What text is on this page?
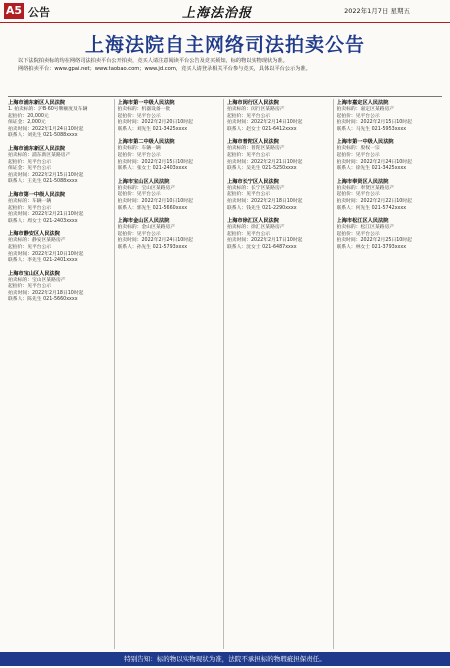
A5 公告	上海法治报	2022年1月7日 星期五
上海法院自主网络司法拍卖公告

以下法院拍卖标的均在网络司法拍卖平台公开拍卖，竞买人请注意阅读平台公告及竞买须知，标的物以实物现状为准。

网络拍卖平台：www.gpai.net；www.taobao.com；www.jd.com，竞买人请登录相关平台参与竞买，具体以平台公示为准。

上海市浦东新区人民法院
1. 拍卖标的：沪B·60号牌额度及车辆
起拍价：20,000元
保证金：2,000元
拍卖时间：2022年1月24日10时起
联系人：刘先生 021-5088xxxx
上海市浦东新区人民法院
拍卖标的：浦东新区某路房产
起拍价：见平台公示
保证金：见平台公示
拍卖时间：2022年2月15日10时起
联系人：王先生 021-5088xxxx
上海市第一中级人民法院
拍卖标的：车辆一辆
起拍价：见平台公示
拍卖时间：2022年2月21日10时起
联系人：周女士 021-2403xxxx
上海市静安区人民法院
拍卖标的：静安区某路房产
起拍价：见平台公示
拍卖时间：2022年2月10日10时起
联系人：李先生 021-2401xxxx
上海市宝山区人民法院
拍卖标的：宝山区某路房产
起拍价：见平台公示
拍卖时间：2022年2月18日10时起
联系人：陈先生 021-5660xxxx
上海市第一中级人民法院
拍卖标的：机器设备一批
起拍价：见平台公示
拍卖时间：2022年2月20日10时起
联系人：刘先生 021-3425xxxx
上海市第二中级人民法院
拍卖标的：车辆一辆
起拍价：见平台公示
拍卖时间：2022年2月15日10时起
联系人：张女士 021-2403xxxx
上海市宝山区人民法院
拍卖标的：宝山区某路房产
起拍价：见平台公示
拍卖时间：2022年2月10日10时起
联系人：郭先生 021-5660xxxx
上海市金山区人民法院
拍卖标的：金山区某路房产
起拍价：见平台公示
拍卖时间：2022年2月24日10时起
联系人：孙先生 021-5793xxxx
上海市闵行区人民法院
拍卖标的：闵行区某路房产
起拍价：见平台公示
拍卖时间：2022年2月14日10时起
联系人：赵女士 021-6412xxxx
上海市普陀区人民法院
拍卖标的：普陀区某路房产
起拍价：见平台公示
拍卖时间：2022年2月21日10时起
联系人：吴先生 021-5250xxxx
上海市长宁区人民法院
拍卖标的：长宁区某路房产
起拍价：见平台公示
拍卖时间：2022年2月18日10时起
联系人：钱先生 021-2290xxxx
上海市徐汇区人民法院
拍卖标的：徐汇区某路房产
起拍价：见平台公示
拍卖时间：2022年2月17日10时起
联系人：沈女士 021-6487xxxx
上海市嘉定区人民法院
拍卖标的：嘉定区某路房产
起拍价：见平台公示
拍卖时间：2022年2月15日10时起
联系人：马先生 021-5953xxxx
上海市第一中级人民法院
拍卖标的：股权一宗
起拍价：见平台公示
拍卖时间：2022年2月24日10时起
联系人：徐先生 021-3425xxxx
上海市奉贤区人民法院
拍卖标的：奉贤区某路房产
起拍价：见平台公示
拍卖时间：2022年2月22日10时起
联系人：何先生 021-5742xxxx
上海市松江区人民法院
拍卖标的：松江区某路房产
起拍价：见平台公示
拍卖时间：2022年2月25日10时起
联系人：林女士 021-3793xxxx
特别告知：标的物以实物现状为准，法院不承担标的物瑕疵担保责任。
